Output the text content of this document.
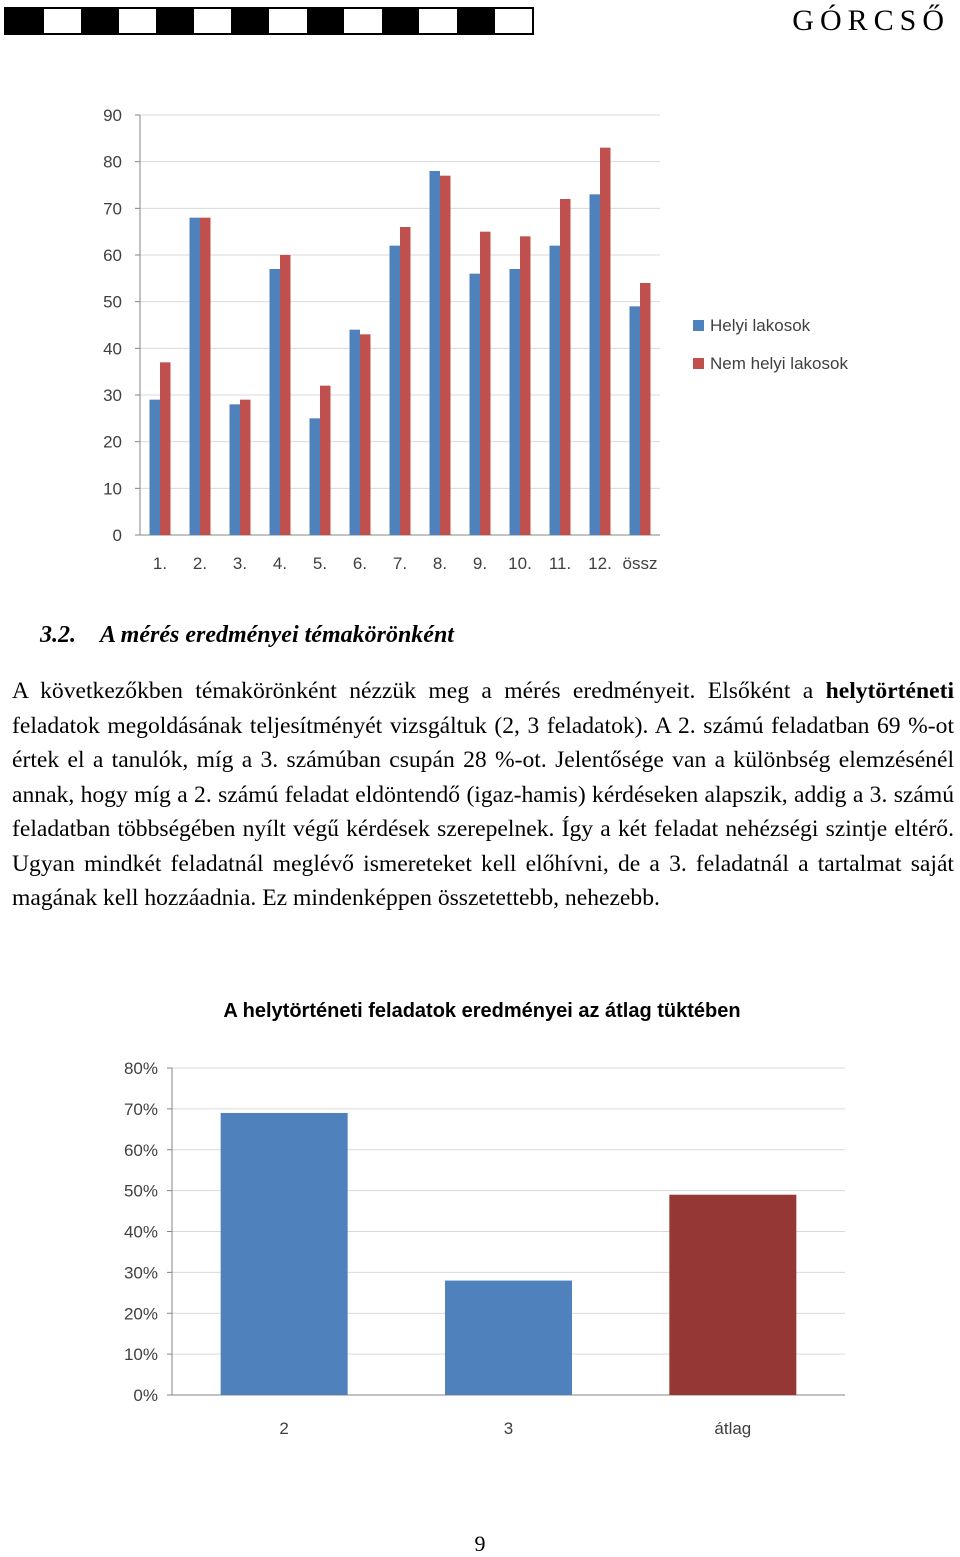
GÓRCSŐ
0
10
20
30
40
50
60
70
80
90
1. 2. 3. 4. 5. 6. 7. 8. 9. 10. 11. 12. össz
Helyi lakosok
Nem helyi lakosok
3.2. A mérés eredményei témakörönként

A következőkben témakörönként nézzük meg a mérés eredményeit. Elsőként a helytörténeti feladatok megoldásának teljesítményét vizsgáltuk (2, 3 feladatok). A 2. számú feladatban 69 %-ot értek el a tanulók, míg a 3. számúban csupán 28 %-ot. Jelentősége van a különbség elemzésénél annak, hogy míg a 2. számú feladat eldöntendő (igaz-hamis) kérdéseken alapszik, addig a 3. számú feladatban többségében nyílt végű kérdések szerepelnek. Így a két feladat nehézségi szintje eltérő. Ugyan mindkét feladatnál meglévő ismereteket kell előhívni, de a 3. feladatnál a tartalmat saját magának kell hozzáadnia. Ez mindenképpen összetettebb, nehezebb.

A helytörténeti feladatok eredményei az átlag tüktében
0%
10%
20%
30%
40%
50%
60%
70%
80%
2	3	átlag
9
